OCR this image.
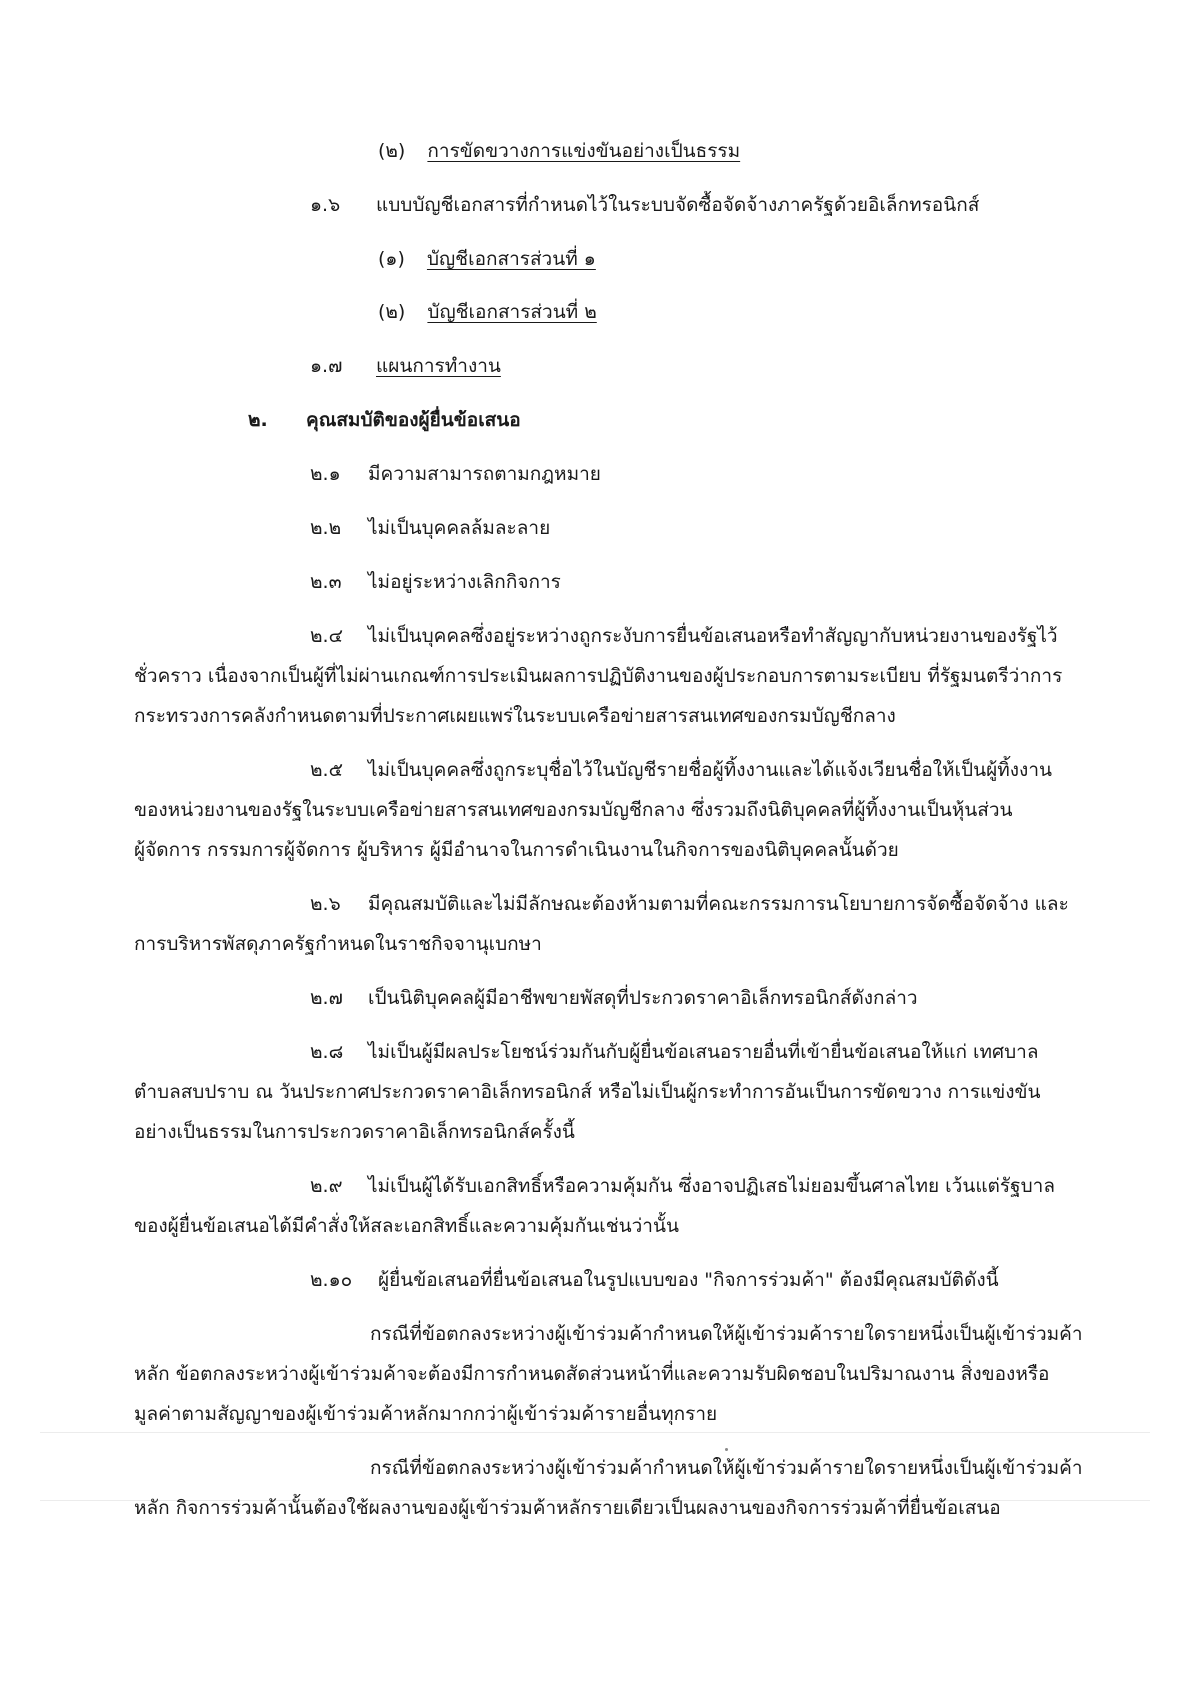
(๒) การขัดขวางการแข่งขันอย่างเป็นธรรม
๑.๖ แบบบัญชีเอกสารที่กำหนดไว้ในระบบจัดซื้อจัดจ้างภาครัฐด้วยอิเล็กทรอนิกส์
(๑) บัญชีเอกสารส่วนที่ ๑
(๒) บัญชีเอกสารส่วนที่ ๒
๑.๗ แผนการทำงาน
๒. คุณสมบัติของผู้ยื่นข้อเสนอ
๒.๑ มีความสามารถตามกฎหมาย
๒.๒ ไม่เป็นบุคคลล้มละลาย
๒.๓ ไม่อยู่ระหว่างเลิกกิจการ
๒.๔ ไม่เป็นบุคคลซึ่งอยู่ระหว่างถูกระงับการยื่นข้อเสนอหรือทำสัญญากับหน่วยงานของรัฐไว้
ชั่วคราว เนื่องจากเป็นผู้ที่ไม่ผ่านเกณฑ์การประเมินผลการปฏิบัติงานของผู้ประกอบการตามระเบียบ ที่รัฐมนตรีว่าการ
กระทรวงการคลังกำหนดตามที่ประกาศเผยแพร่ในระบบเครือข่ายสารสนเทศของกรมบัญชีกลาง
๒.๕ ไม่เป็นบุคคลซึ่งถูกระบุชื่อไว้ในบัญชีรายชื่อผู้ทิ้งงานและได้แจ้งเวียนชื่อให้เป็นผู้ทิ้งงาน
ของหน่วยงานของรัฐในระบบเครือข่ายสารสนเทศของกรมบัญชีกลาง ซึ่งรวมถึงนิติบุคคลที่ผู้ทิ้งงานเป็นหุ้นส่วน
ผู้จัดการ กรรมการผู้จัดการ ผู้บริหาร ผู้มีอำนาจในการดำเนินงานในกิจการของนิติบุคคลนั้นด้วย
๒.๖ มีคุณสมบัติและไม่มีลักษณะต้องห้ามตามที่คณะกรรมการนโยบายการจัดซื้อจัดจ้าง และ
การบริหารพัสดุภาครัฐกำหนดในราชกิจจานุเบกษา
๒.๗ เป็นนิติบุคคลผู้มีอาชีพขายพัสดุที่ประกวดราคาอิเล็กทรอนิกส์ดังกล่าว
๒.๘ ไม่เป็นผู้มีผลประโยชน์ร่วมกันกับผู้ยื่นข้อเสนอรายอื่นที่เข้ายื่นข้อเสนอให้แก่ เทศบาล
ตำบลสบปราบ ณ วันประกาศประกวดราคาอิเล็กทรอนิกส์ หรือไม่เป็นผู้กระทำการอันเป็นการขัดขวาง การแข่งขัน
อย่างเป็นธรรมในการประกวดราคาอิเล็กทรอนิกส์ครั้งนี้
๒.๙ ไม่เป็นผู้ได้รับเอกสิทธิ์หรือความคุ้มกัน ซึ่งอาจปฏิเสธไม่ยอมขึ้นศาลไทย เว้นแต่รัฐบาล
ของผู้ยื่นข้อเสนอได้มีคำสั่งให้สละเอกสิทธิ์และความคุ้มกันเช่นว่านั้น
๒.๑๐ ผู้ยื่นข้อเสนอที่ยื่นข้อเสนอในรูปแบบของ "กิจการร่วมค้า" ต้องมีคุณสมบัติดังนี้
กรณีที่ข้อตกลงระหว่างผู้เข้าร่วมค้ากำหนดให้ผู้เข้าร่วมค้ารายใดรายหนึ่งเป็นผู้เข้าร่วมค้า
หลัก ข้อตกลงระหว่างผู้เข้าร่วมค้าจะต้องมีการกำหนดสัดส่วนหน้าที่และความรับผิดชอบในปริมาณงาน สิ่งของหรือ
มูลค่าตามสัญญาของผู้เข้าร่วมค้าหลักมากกว่าผู้เข้าร่วมค้ารายอื่นทุกราย
กรณีที่ข้อตกลงระหว่างผู้เข้าร่วมค้ากำหนดให้ผู้เข้าร่วมค้ารายใดรายหนึ่งเป็นผู้เข้าร่วมค้า
หลัก กิจการร่วมค้านั้นต้องใช้ผลงานของผู้เข้าร่วมค้าหลักรายเดียวเป็นผลงานของกิจการร่วมค้าที่ยื่นข้อเสนอ
